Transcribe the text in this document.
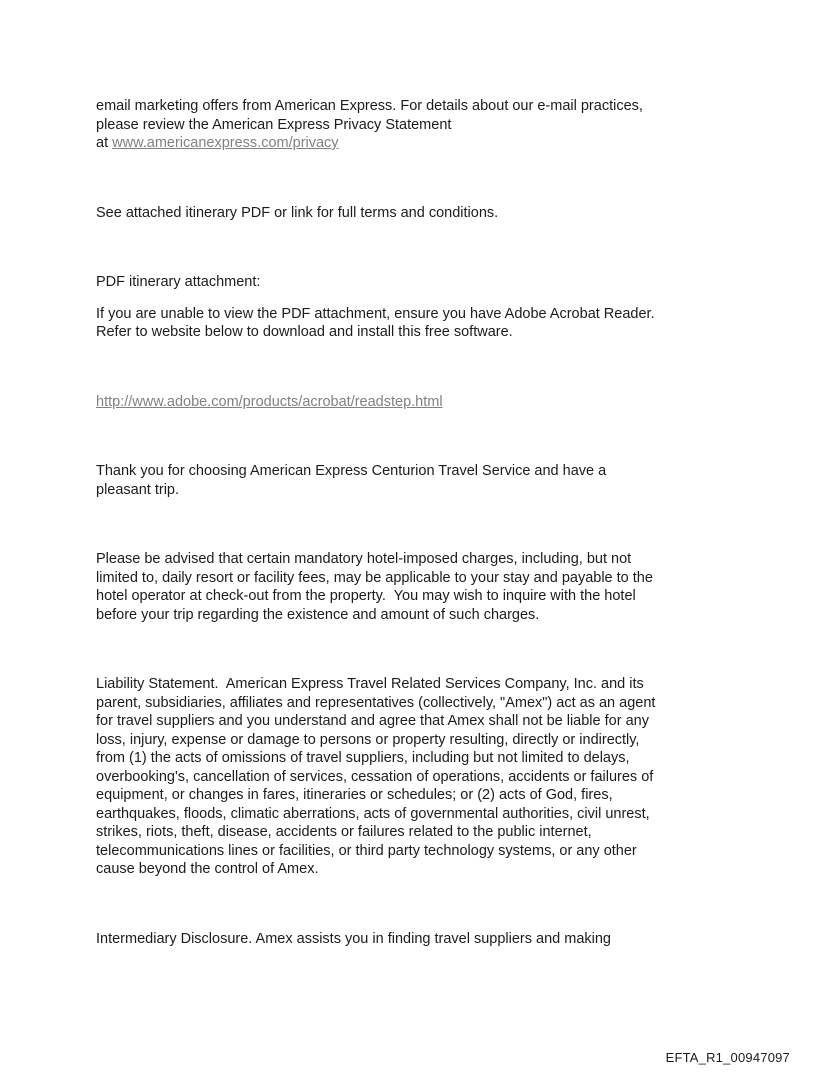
email marketing offers from American Express. For details about our e-mail practices,
please review the American Express Privacy Statement
at www.americanexpress.com/privacy

See attached itinerary PDF or link for full terms and conditions.

PDF itinerary attachment:

If you are unable to view the PDF attachment, ensure you have Adobe Acrobat Reader.
Refer to website below to download and install this free software.

http://www.adobe.com/products/acrobat/readstep.html

Thank you for choosing American Express Centurion Travel Service and have a
pleasant trip.

Please be advised that certain mandatory hotel-imposed charges, including, but not
limited to, daily resort or facility fees, may be applicable to your stay and payable to the
hotel operator at check-out from the property.  You may wish to inquire with the hotel
before your trip regarding the existence and amount of such charges.

Liability Statement.  American Express Travel Related Services Company, Inc. and its
parent, subsidiaries, affiliates and representatives (collectively, "Amex") act as an agent
for travel suppliers and you understand and agree that Amex shall not be liable for any
loss, injury, expense or damage to persons or property resulting, directly or indirectly,
from (1) the acts of omissions of travel suppliers, including but not limited to delays,
overbooking's, cancellation of services, cessation of operations, accidents or failures of
equipment, or changes in fares, itineraries or schedules; or (2) acts of God, fires,
earthquakes, floods, climatic aberrations, acts of governmental authorities, civil unrest,
strikes, riots, theft, disease, accidents or failures related to the public internet,
telecommunications lines or facilities, or third party technology systems, or any other
cause beyond the control of Amex.

Intermediary Disclosure. Amex assists you in finding travel suppliers and making

EFTA_R1_00947097
